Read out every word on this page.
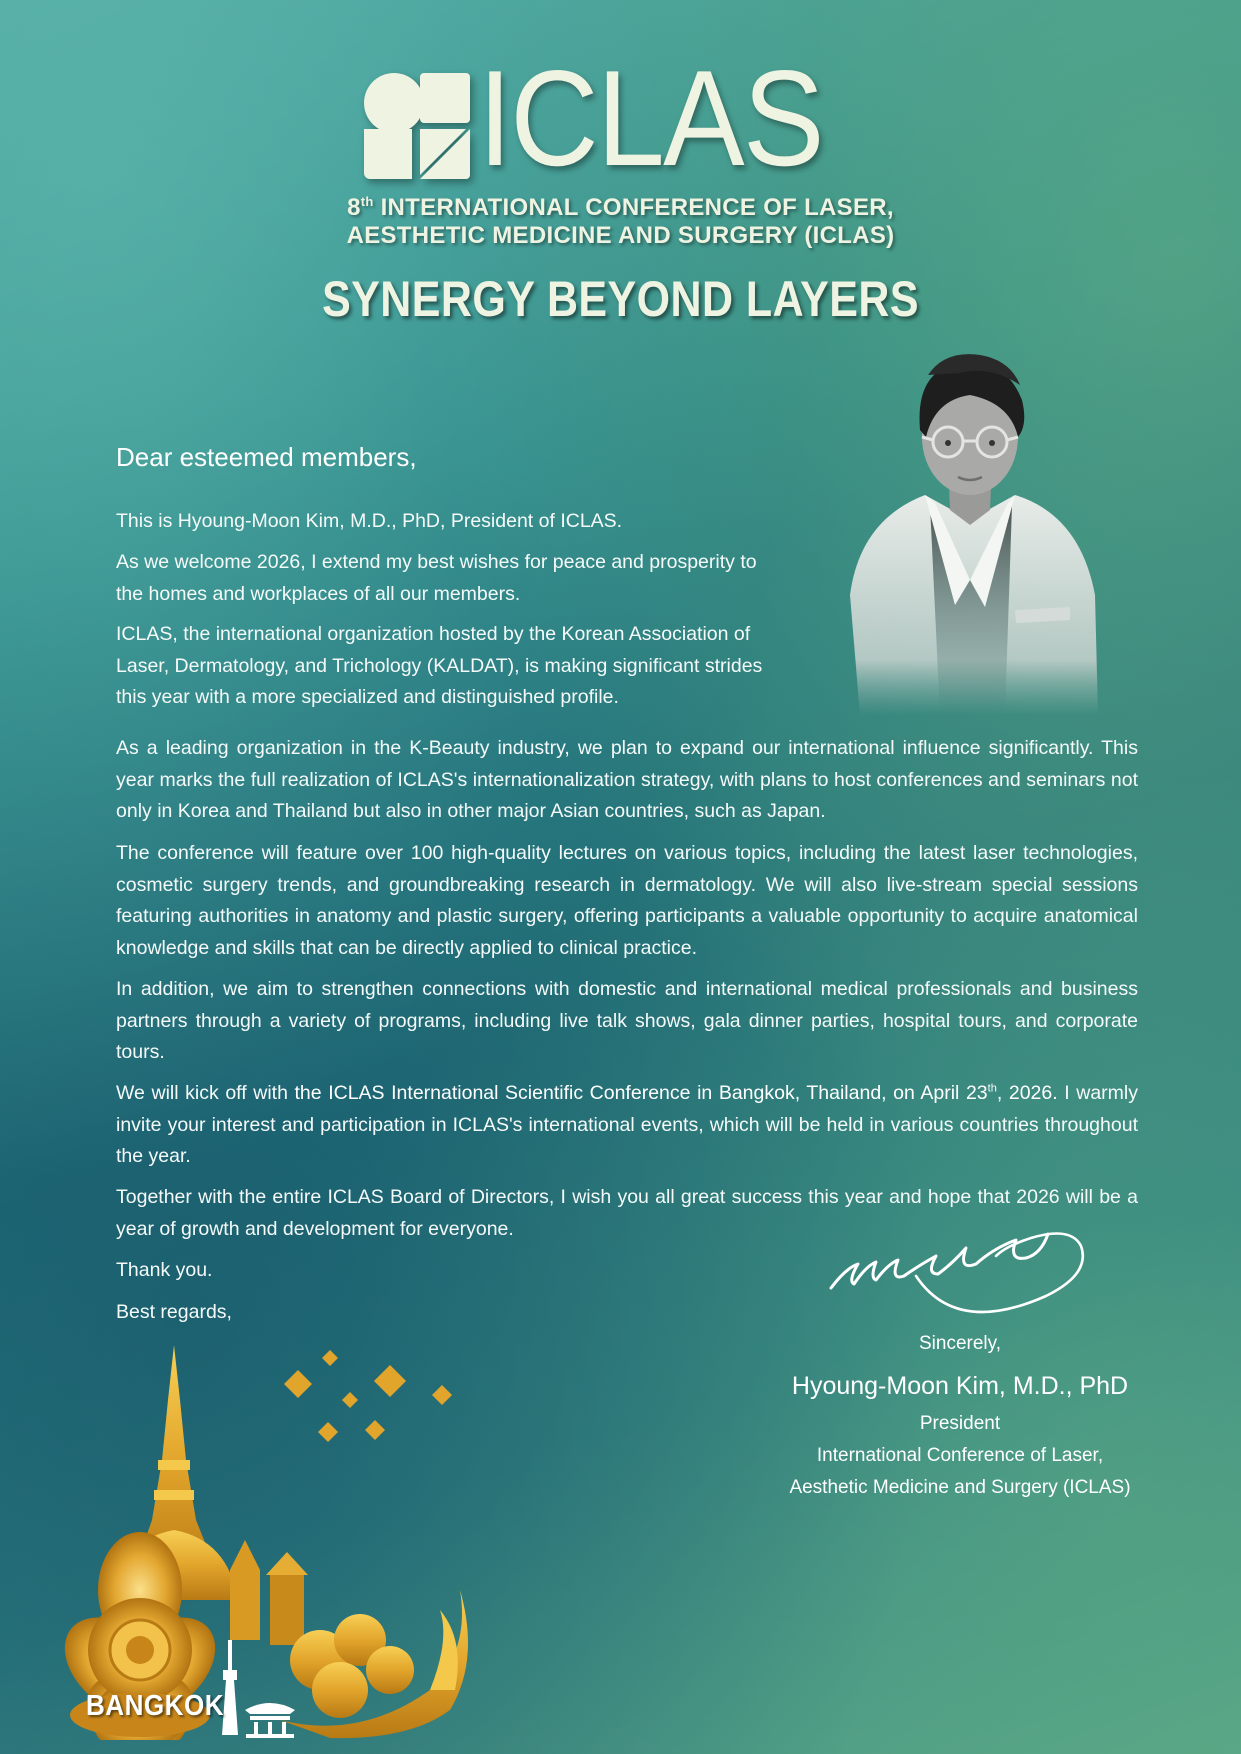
ICLAS
8th INTERNATIONAL CONFERENCE OF LASER,
AESTHETIC MEDICINE AND SURGERY (ICLAS)
SYNERGY BEYOND LAYERS
Dear esteemed members,

This is Hyoung-Moon Kim, M.D., PhD, President of ICLAS.

As we welcome 2026, I extend my best wishes for peace and prosperity to the homes and workplaces of all our members.

ICLAS, the international organization hosted by the Korean Association of Laser, Dermatology, and Trichology (KALDAT), is making significant strides this year with a more specialized and distinguished profile.

As a leading organization in the K-Beauty industry, we plan to expand our international influence significantly. This year marks the full realization of ICLAS's internationalization strategy, with plans to host conferences and seminars not only in Korea and Thailand but also in other major Asian countries, such as Japan.

The conference will feature over 100 high-quality lectures on various topics, including the latest laser technologies, cosmetic surgery trends, and groundbreaking research in dermatology. We will also live-stream special sessions featuring authorities in anatomy and plastic surgery, offering participants a valuable opportunity to acquire anatomical knowledge and skills that can be directly applied to clinical practice.

In addition, we aim to strengthen connections with domestic and international medical professionals and business partners through a variety of programs, including live talk shows, gala dinner parties, hospital tours, and corporate tours.

We will kick off with the ICLAS International Scientific Conference in Bangkok, Thailand, on April 23th, 2026. I warmly invite your interest and participation in ICLAS's international events, which will be held in various countries throughout the year.

Together with the entire ICLAS Board of Directors, I wish you all great success this year and hope that 2026 will be a year of growth and development for everyone.

Thank you.

Best regards,

Sincerely,
Hyoung-Moon Kim, M.D., PhD
President
International Conference of Laser,
Aesthetic Medicine and Surgery (ICLAS)
BANGKOK
